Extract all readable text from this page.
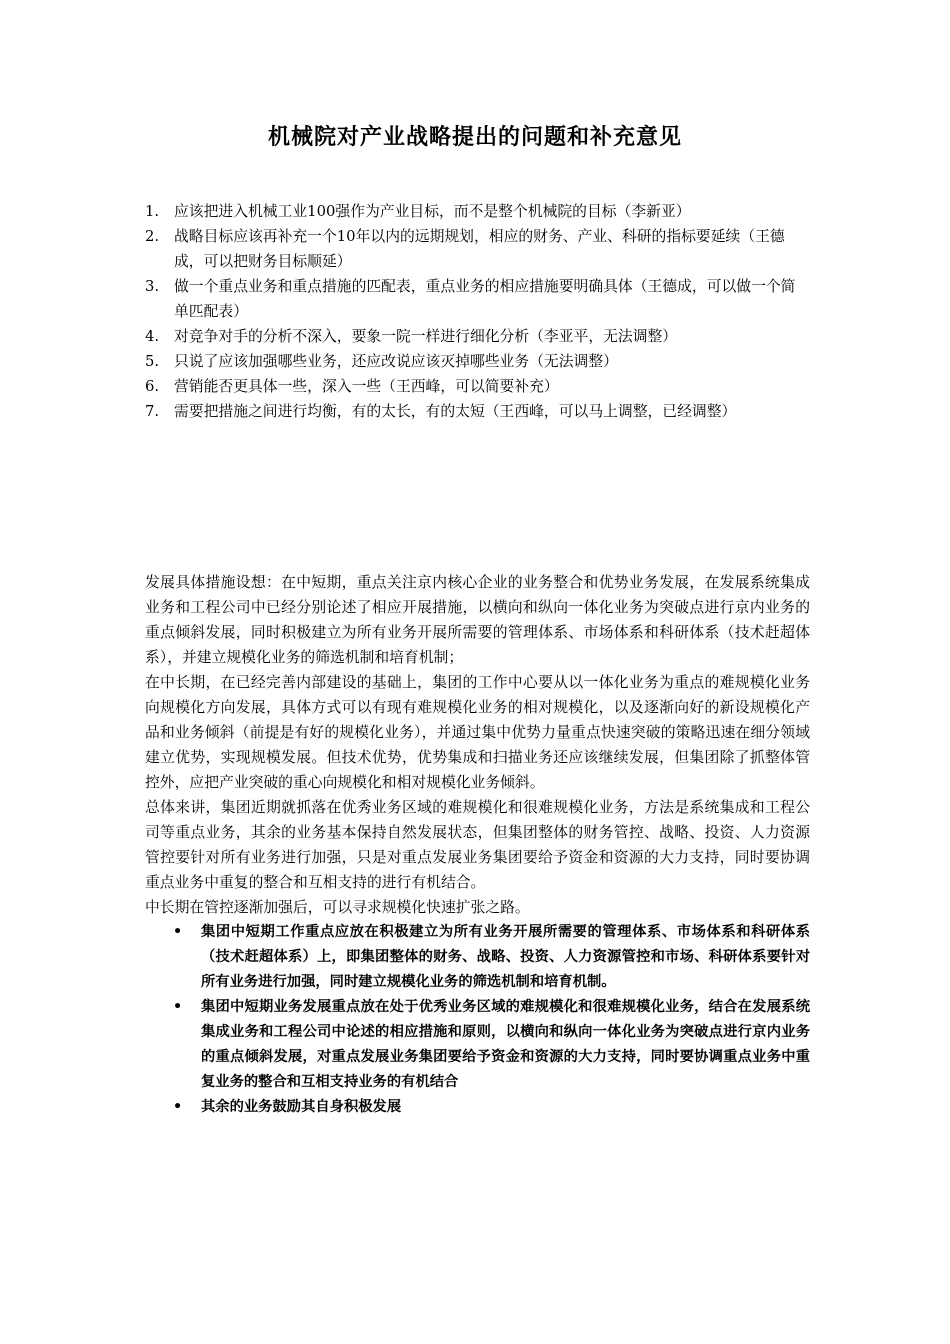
机械院对产业战略提出的问题和补充意见
1. 应该把进入机械工业100强作为产业目标，而不是整个机械院的目标（李新亚）
2. 战略目标应该再补充一个10年以内的远期规划，相应的财务、产业、科研的指标要延续（王德成，可以把财务目标顺延）
3. 做一个重点业务和重点措施的匹配表，重点业务的相应措施要明确具体（王德成，可以做一个简单匹配表）
4. 对竞争对手的分析不深入，要象一院一样进行细化分析（李亚平，无法调整）
5. 只说了应该加强哪些业务，还应改说应该灭掉哪些业务（无法调整）
6. 营销能否更具体一些，深入一些（王西峰，可以简要补充）
7. 需要把措施之间进行均衡，有的太长，有的太短（王西峰，可以马上调整，已经调整）

发展具体措施设想：在中短期，重点关注京内核心企业的业务整合和优势业务发展，在发展系统集成业务和工程公司中已经分别论述了相应开展措施，以横向和纵向一体化业务为突破点进行京内业务的重点倾斜发展，同时积极建立为所有业务开展所需要的管理体系、市场体系和科研体系（技术赶超体系），并建立规模化业务的筛选机制和培育机制；

在中长期，在已经完善内部建设的基础上，集团的工作中心要从以一体化业务为重点的难规模化业务向规模化方向发展，具体方式可以有现有难规模化业务的相对规模化，以及逐渐向好的新设规模化产品和业务倾斜（前提是有好的规模化业务），并通过集中优势力量重点快速突破的策略迅速在细分领域建立优势，实现规模发展。但技术优势，优势集成和扫描业务还应该继续发展，但集团除了抓整体管控外，应把产业突破的重心向规模化和相对规模化业务倾斜。

总体来讲，集团近期就抓落在优秀业务区域的难规模化和很难规模化业务，方法是系统集成和工程公司等重点业务，其余的业务基本保持自然发展状态，但集团整体的财务管控、战略、投资、人力资源管控要针对所有业务进行加强，只是对重点发展业务集团要给予资金和资源的大力支持，同时要协调重点业务中重复的整合和互相支持的进行有机结合。

中长期在管控逐渐加强后，可以寻求规模化快速扩张之路。

• 集团中短期工作重点应放在积极建立为所有业务开展所需要的管理体系、市场体系和科研体系（技术赶超体系）上，即集团整体的财务、战略、投资、人力资源管控和市场、科研体系要针对所有业务进行加强，同时建立规模化业务的筛选机制和培育机制。
• 集团中短期业务发展重点放在处于优秀业务区域的难规模化和很难规模化业务，结合在发展系统集成业务和工程公司中论述的相应措施和原则，以横向和纵向一体化业务为突破点进行京内业务的重点倾斜发展，对重点发展业务集团要给予资金和资源的大力支持，同时要协调重点业务中重复业务的整合和互相支持业务的有机结合
• 其余的业务鼓励其自身积极发展
